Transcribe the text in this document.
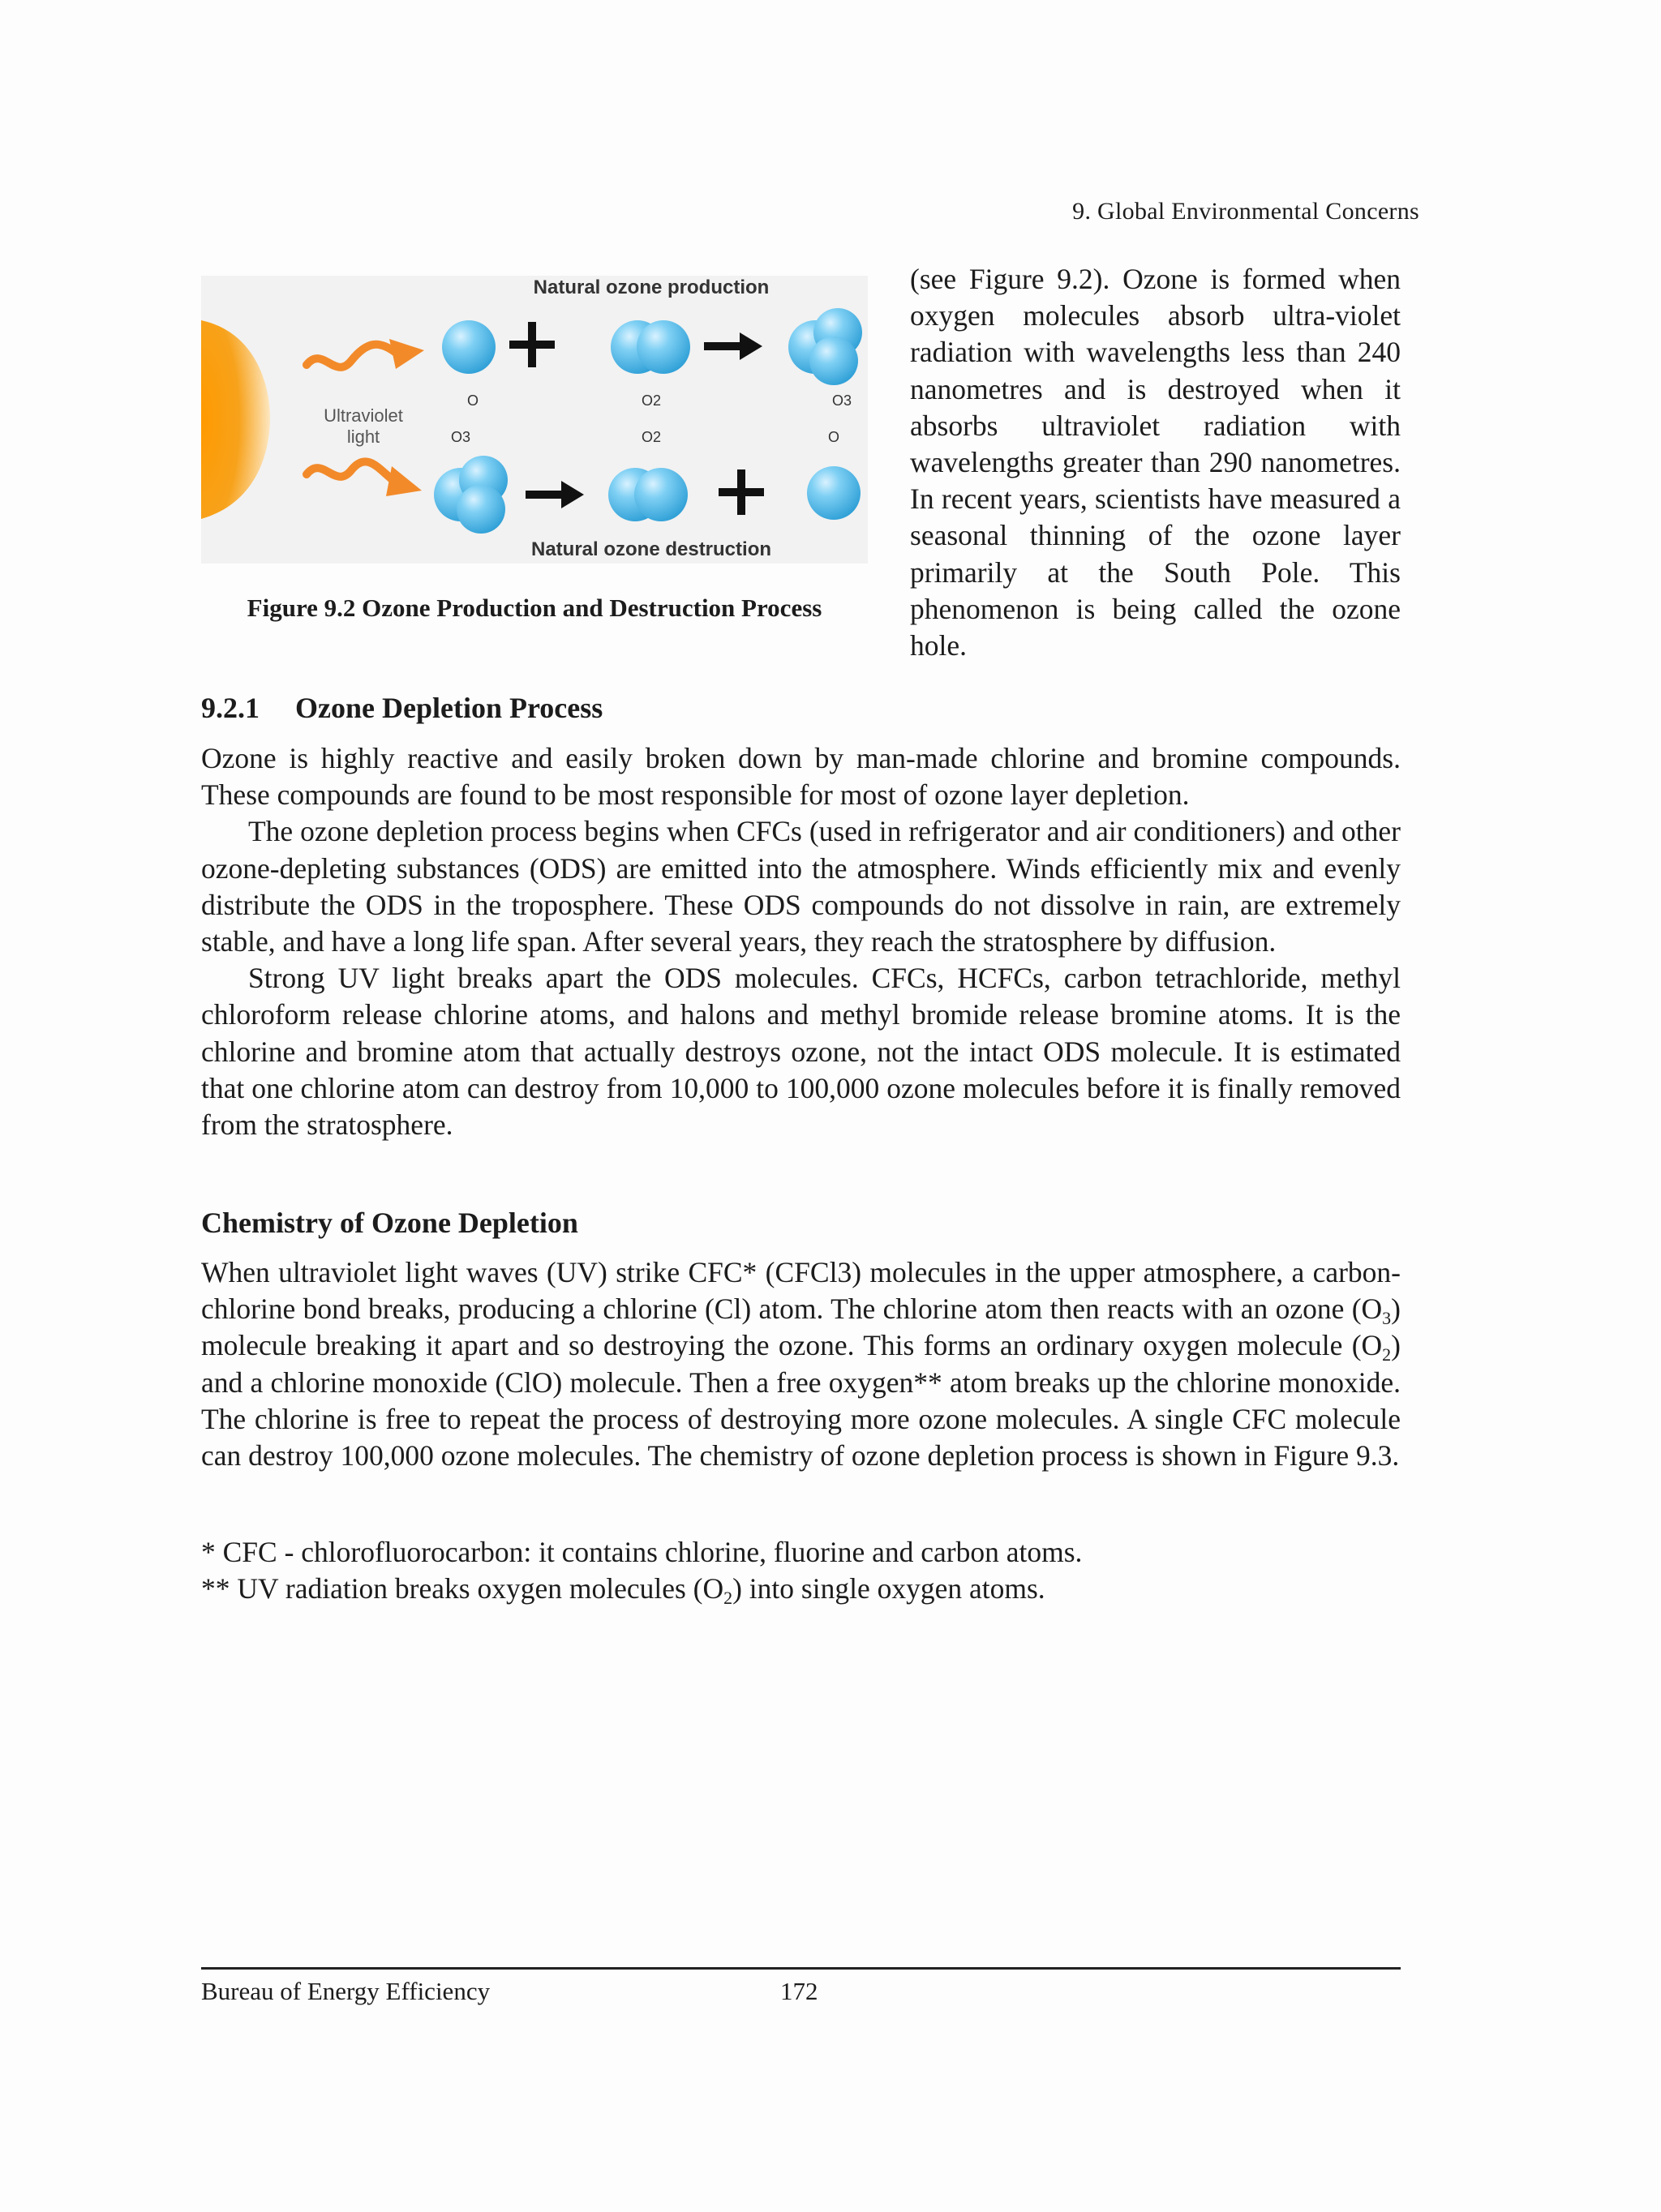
9. Global Environmental Concerns
Ultraviolet
light
Natural ozone production
Natural ozone destruction
O	O2	O3
O3	O2	O
Figure 9.2 Ozone Production and Destruction Process
(see Figure 9.2). Ozone is formed when oxygen molecules absorb ultra-violet radiation with wavelengths less than 240 nanometres and is destroyed when it absorbs ultraviolet radiation with wavelengths greater than 290 nanometres. In recent years, scientists have measured a seasonal thinning of the ozone layer primarily at the South Pole. This phenomenon is being called the ozone hole.
9.2.1 Ozone Depletion Process

Ozone is highly reactive and easily broken down by man-made chlorine and bromine compounds. These compounds are found to be most responsible for most of ozone layer depletion.

The ozone depletion process begins when CFCs (used in refrigerator and air conditioners) and other ozone-depleting substances (ODS) are emitted into the atmosphere. Winds efficiently mix and evenly distribute the ODS in the troposphere. These ODS compounds do not dissolve in rain, are extremely stable, and have a long life span. After several years, they reach the stratosphere by diffusion.

Strong UV light breaks apart the ODS molecules. CFCs, HCFCs, carbon tetrachloride, methyl chloroform release chlorine atoms, and halons and methyl bromide release bromine atoms. It is the chlorine and bromine atom that actually destroys ozone, not the intact ODS molecule. It is estimated that one chlorine atom can destroy from 10,000 to 100,000 ozone molecules before it is finally removed from the stratosphere.

Chemistry of Ozone Depletion

When ultraviolet light waves (UV) strike CFC* (CFCl3) molecules in the upper atmosphere, a carbon-chlorine bond breaks, producing a chlorine (Cl) atom. The chlorine atom then reacts with an ozone $(O_3)$ molecule breaking it apart and so destroying the ozone. This forms an ordinary oxygen molecule $(O_2)$ and a chlorine monoxide (ClO) molecule. Then a free oxygen** atom breaks up the chlorine monoxide. The chlorine is free to repeat the process of destroying more ozone molecules. A single CFC molecule can destroy 100,000 ozone molecules. The chemistry of ozone depletion process is shown in Figure 9.3.

* CFC - chlorofluorocarbon: it contains chlorine, fluorine and carbon atoms.
** UV radiation breaks oxygen molecules $(O_2)$ into single oxygen atoms.
Bureau of Energy Efficiency	172
